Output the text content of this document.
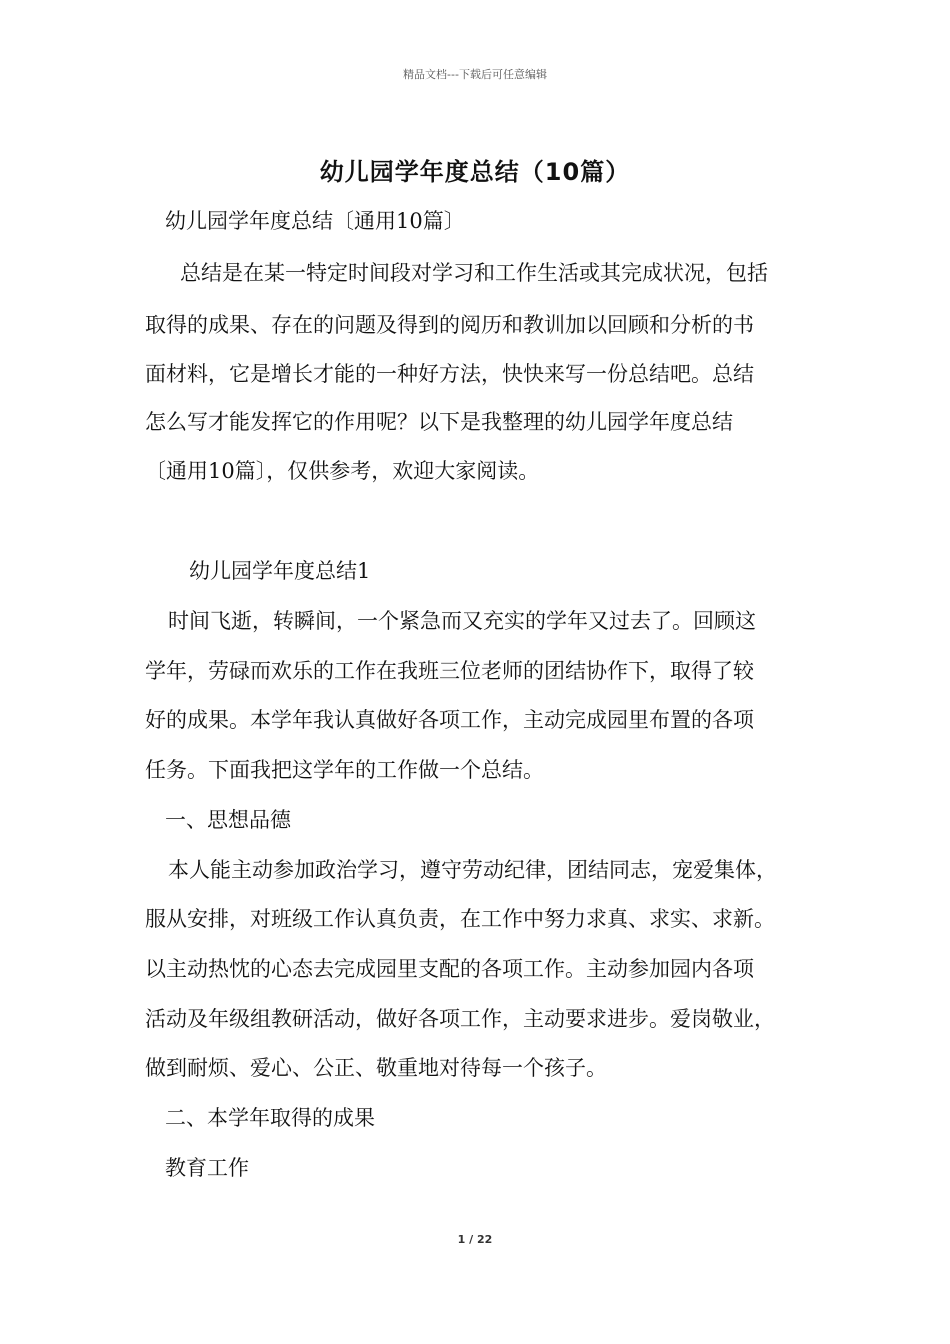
精品文档---下载后可任意编辑
幼儿园学年度总结（10篇）
幼儿园学年度总结〔通用10篇〕
总结是在某一特定时间段对学习和工作生活或其完成状况，包括
取得的成果、存在的问题及得到的阅历和教训加以回顾和分析的书
面材料，它是增长才能的一种好方法，快快来写一份总结吧。总结
怎么写才能发挥它的作用呢？以下是我整理的幼儿园学年度总结
〔通用10篇〕，仅供参考，欢迎大家阅读。
幼儿园学年度总结1
时间飞逝，转瞬间，一个紧急而又充实的学年又过去了。回顾这
学年，劳碌而欢乐的工作在我班三位老师的团结协作下，取得了较
好的成果。本学年我认真做好各项工作，主动完成园里布置的各项
任务。下面我把这学年的工作做一个总结。
一、思想品德
本人能主动参加政治学习，遵守劳动纪律，团结同志，宠爱集体，
服从安排，对班级工作认真负责，在工作中努力求真、求实、求新。
以主动热忱的心态去完成园里支配的各项工作。主动参加园内各项
活动及年级组教研活动，做好各项工作，主动要求进步。爱岗敬业，
做到耐烦、爱心、公正、敬重地对待每一个孩子。
二、本学年取得的成果
教育工作
1 / 22
